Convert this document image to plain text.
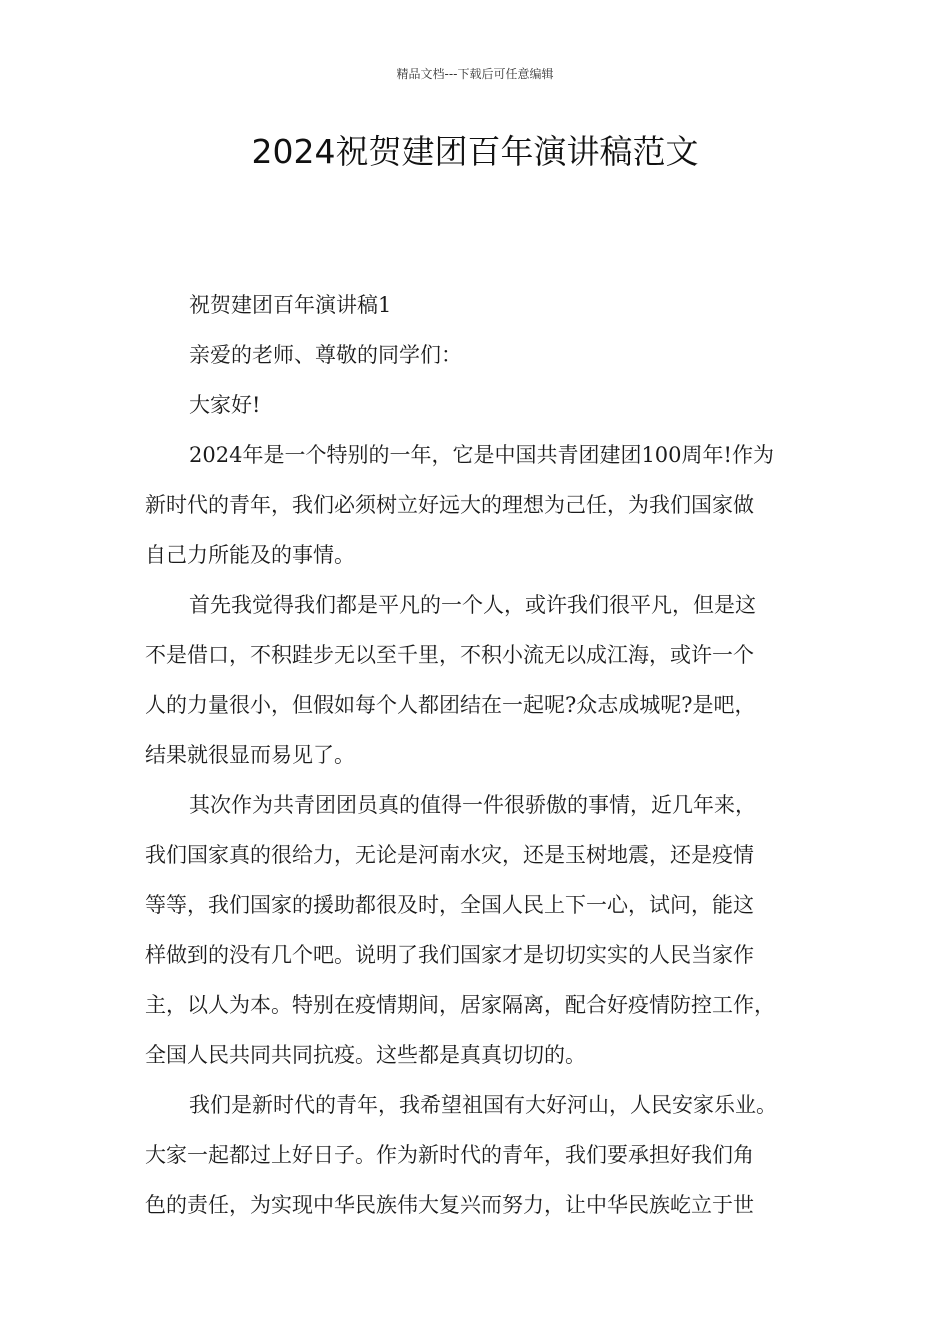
精品文档---下载后可任意编辑
2024祝贺建团百年演讲稿范文
祝贺建团百年演讲稿1
亲爱的老师、尊敬的同学们：
大家好!
2024年是一个特别的一年，它是中国共青团建团100周年!作为
新时代的青年，我们必须树立好远大的理想为己任，为我们国家做
自己力所能及的事情。
首先我觉得我们都是平凡的一个人，或许我们很平凡，但是这
不是借口，不积跬步无以至千里，不积小流无以成江海，或许一个
人的力量很小，但假如每个人都团结在一起呢?众志成城呢?是吧，
结果就很显而易见了。
其次作为共青团团员真的值得一件很骄傲的事情，近几年来，
我们国家真的很给力，无论是河南水灾，还是玉树地震，还是疫情
等等，我们国家的援助都很及时，全国人民上下一心，试问，能这
样做到的没有几个吧。说明了我们国家才是切切实实的人民当家作
主，以人为本。特别在疫情期间，居家隔离，配合好疫情防控工作，
全国人民共同共同抗疫。这些都是真真切切的。
我们是新时代的青年，我希望祖国有大好河山，人民安家乐业。
大家一起都过上好日子。作为新时代的青年，我们要承担好我们角
色的责任，为实现中华民族伟大复兴而努力，让中华民族屹立于世
